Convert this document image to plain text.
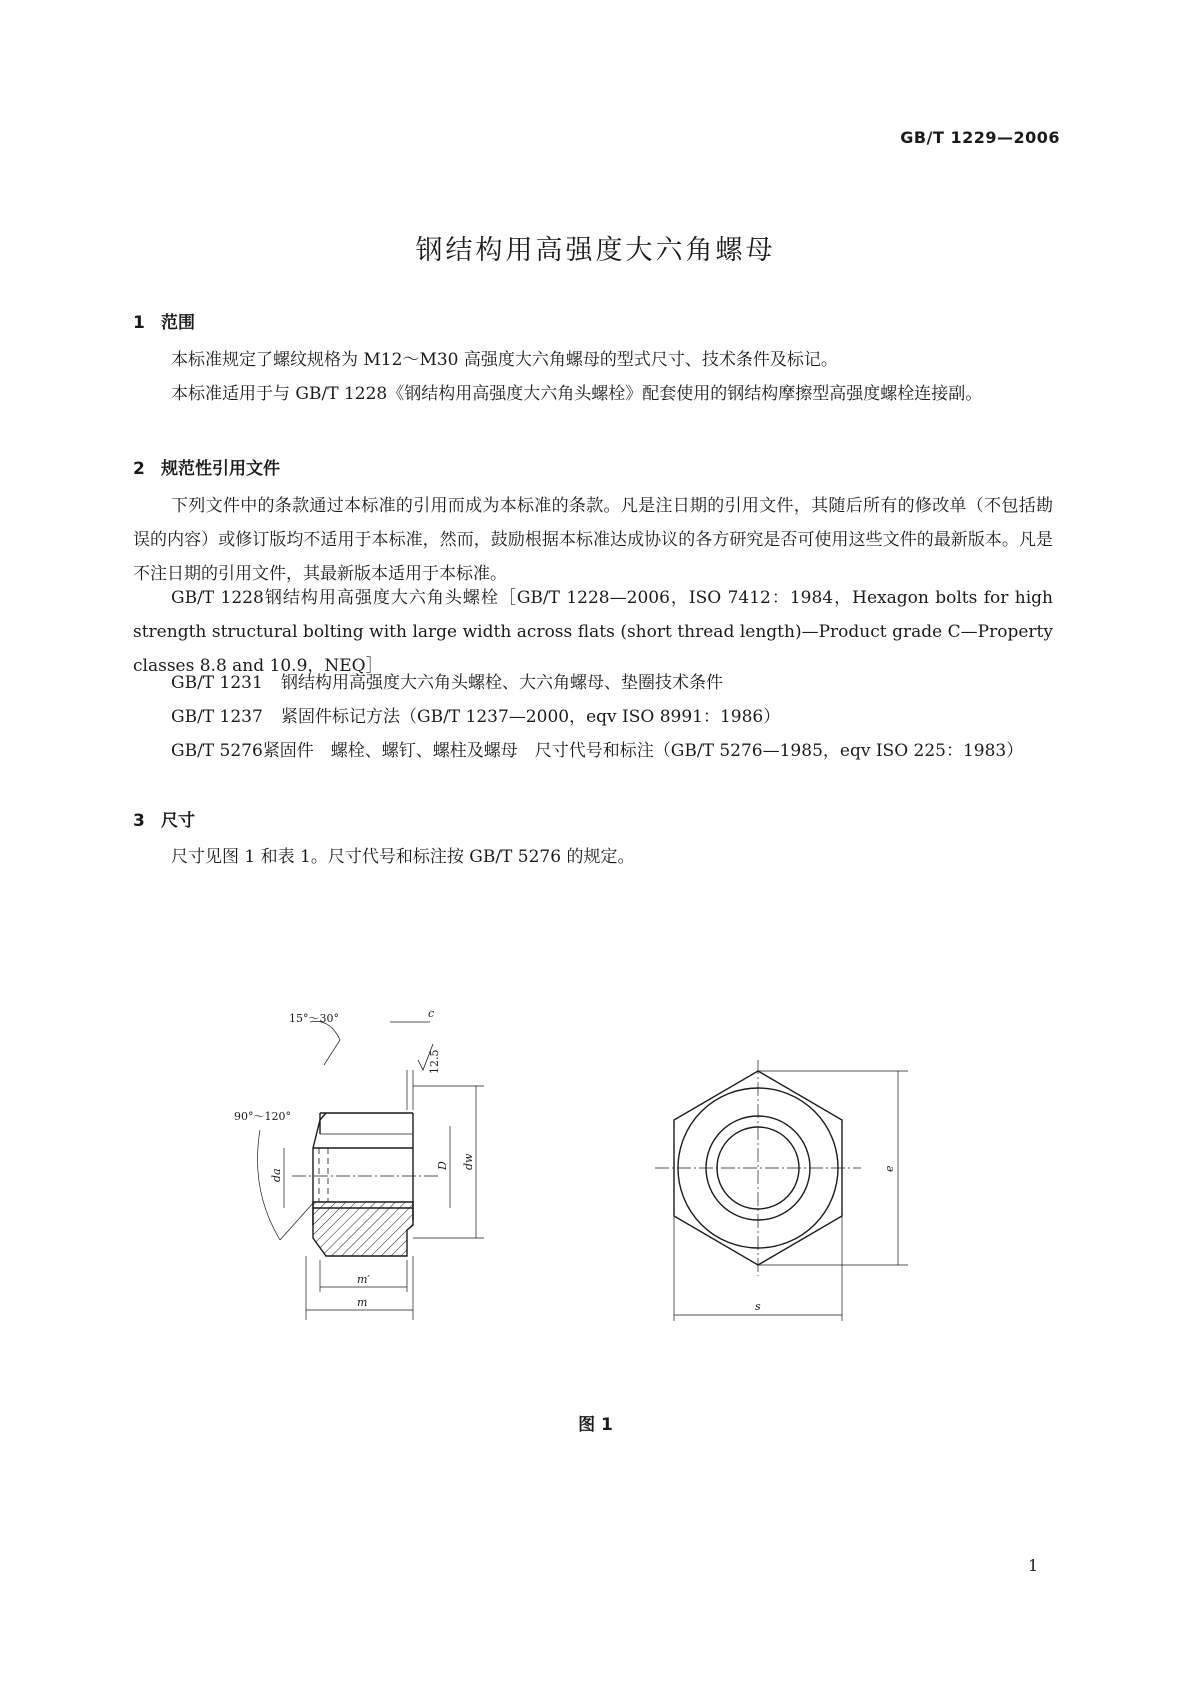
GB/T 1229—2006
钢结构用高强度大六角螺母
1 范围

本标准规定了螺纹规格为 M12～M30 高强度大六角螺母的型式尺寸、技术条件及标记。

本标准适用于与 GB/T 1228《钢结构用高强度大六角头螺栓》配套使用的钢结构摩擦型高强度螺栓连接副。

2 规范性引用文件

下列文件中的条款通过本标准的引用而成为本标准的条款。凡是注日期的引用文件，其随后所有的修改单（不包括勘误的内容）或修订版均不适用于本标准，然而，鼓励根据本标准达成协议的各方研究是否可使用这些文件的最新版本。凡是不注日期的引用文件，其最新版本适用于本标准。

GB/T 1228钢结构用高强度大六角头螺栓［GB/T 1228—2006，ISO 7412：1984，Hexagon bolts for high strength structural bolting with large width across flats (short thread length)—Product grade C—Property classes 8.8 and 10.9，NEQ］

GB/T 1231 钢结构用高强度大六角头螺栓、大六角螺母、垫圈技术条件

GB/T 1237 紧固件标记方法（GB/T 1237—2000，eqv ISO 8991：1986）

GB/T 5276紧固件　螺栓、螺钉、螺柱及螺母　尺寸代号和标注（GB/T 5276—1985，eqv ISO 225：1983）

3 尺寸

尺寸见图 1 和表 1。尺寸代号和标注按 GB/T 5276 的规定。

15°～30°
90°～120°
c
12.5
da
D dw
m′
m
e
s
图 1
1
